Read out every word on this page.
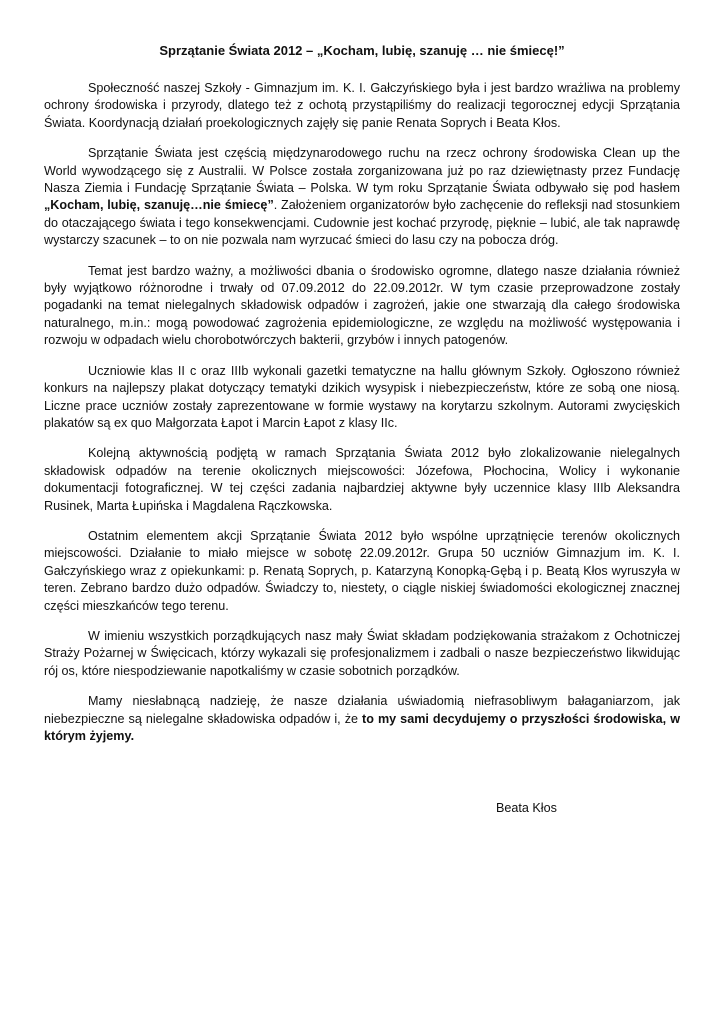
Sprzątanie Świata 2012 – „Kocham, lubię, szanuję … nie śmiecę!”

Społeczność naszej Szkoły - Gimnazjum im. K. I. Gałczyńskiego była i jest bardzo wrażliwa na problemy ochrony środowiska i przyrody, dlatego też z ochotą przystąpiliśmy do realizacji tegorocznej edycji Sprzątania Świata. Koordynacją działań proekologicznych zajęły się panie Renata Soprych i Beata Kłos.

Sprzątanie Świata jest częścią międzynarodowego ruchu na rzecz ochrony środowiska Clean up the World wywodzącego się z Australii. W Polsce została zorganizowana już po raz dziewiętnasty przez Fundację Nasza Ziemia i Fundację Sprzątanie Świata – Polska. W tym roku Sprzątanie Świata odbywało się pod hasłem „Kocham, lubię, szanuję…nie śmiecę”. Założeniem organizatorów było zachęcenie do refleksji nad stosunkiem do otaczającego świata i tego konsekwencjami. Cudownie jest kochać przyrodę, pięknie – lubić, ale tak naprawdę wystarczy szacunek – to on nie pozwala nam wyrzucać śmieci do lasu czy na pobocza dróg.

Temat jest bardzo ważny, a możliwości dbania o środowisko ogromne, dlatego nasze działania również były wyjątkowo różnorodne i trwały od 07.09.2012 do 22.09.2012r. W tym czasie przeprowadzone zostały pogadanki na temat nielegalnych składowisk odpadów i zagrożeń, jakie one stwarzają dla całego środowiska naturalnego, m.in.: mogą powodować zagrożenia epidemiologiczne, ze względu na możliwość występowania i rozwoju w odpadach wielu chorobotwórczych bakterii, grzybów i innych patogenów.

Uczniowie klas II c oraz IIIb wykonali gazetki tematyczne na hallu głównym Szkoły. Ogłoszono również konkurs na najlepszy plakat dotyczący tematyki dzikich wysypisk i niebezpieczeństw, które ze sobą one niosą. Liczne prace uczniów zostały zaprezentowane w formie wystawy na korytarzu szkolnym. Autorami zwycięskich plakatów są ex quo Małgorzata Łapot i Marcin Łapot z klasy IIc.

Kolejną aktywnością podjętą w ramach Sprzątania Świata 2012 było zlokalizowanie nielegalnych składowisk odpadów na terenie okolicznych miejscowości: Józefowa, Płochocina, Wolicy i wykonanie dokumentacji fotograficznej. W tej części zadania najbardziej aktywne były uczennice klasy IIIb Aleksandra Rusinek, Marta Łupińska i Magdalena Rączkowska.

Ostatnim elementem akcji Sprzątanie Świata 2012 było wspólne uprzątnięcie terenów okolicznych miejscowości. Działanie to miało miejsce w sobotę 22.09.2012r. Grupa 50 uczniów Gimnazjum im. K. I. Gałczyńskiego wraz z opiekunkami: p. Renatą Soprych, p. Katarzyną Konopką-Gębą i p. Beatą Kłos wyruszyła w teren. Zebrano bardzo dużo odpadów. Świadczy to, niestety, o ciągle niskiej świadomości ekologicznej znacznej części mieszkańców tego terenu.

W imieniu wszystkich porządkujących nasz mały Świat składam podziękowania strażakom z Ochotniczej Straży Pożarnej w Święcicach, którzy wykazali się profesjonalizmem i zadbali o nasze bezpieczeństwo likwidując rój os, które niespodziewanie napotkaliśmy w czasie sobotnich porządków.

Mamy niesłabnącą nadzieję, że nasze działania uświadomią niefrasobliwym bałaganiarzom, jak niebezpieczne są nielegalne składowiska odpadów i, że to my sami decydujemy o przyszłości środowiska, w którym żyjemy.

Beata Kłos
